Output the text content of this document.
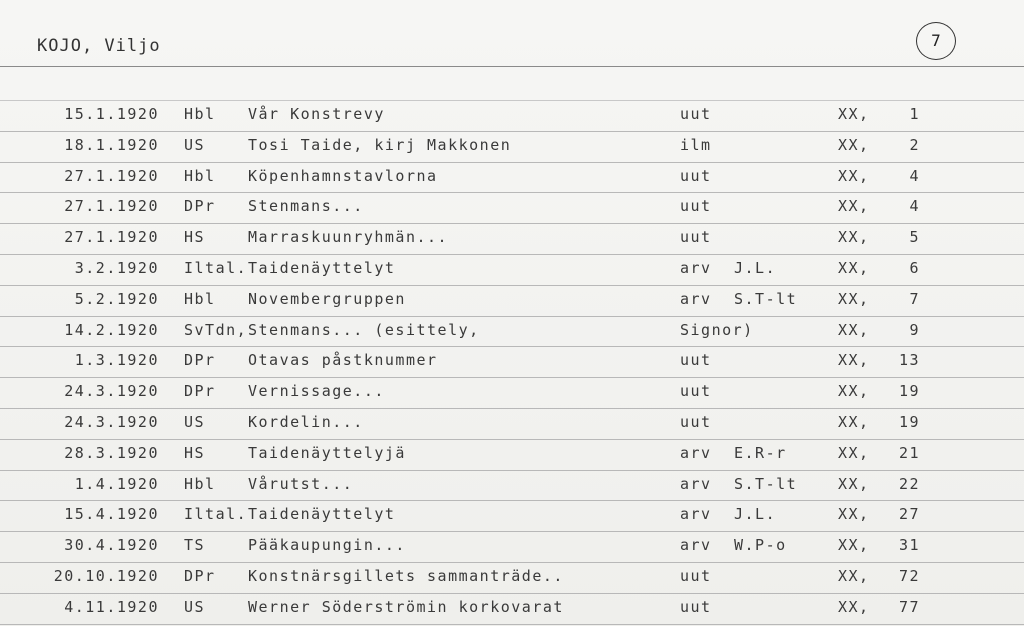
KOJO, Viljo	7
15.1.1920 Hbl Vår Konstrevy	uut	XX,	1
18.1.1920 US	Tosi Taide, kirj Makkonen	ilm	XX,	2
27.1.1920 Hbl Köpenhamnstavlorna	uut	XX,	4
27.1.1920 DPr Stenmans...	uut	XX,	4
27.1.1920 HS	Marraskuunryhmän...	uut	XX,	5
3.2.1920 Iltal. Taidenäyttelyt	arv J.L.	XX,	6
5.2.1920 Hbl Novembergruppen	arv S.T-lt	XX,	7
14.2.1920 SvTdn, Stenmans... (esittely,	Signor)	XX,	9
1.3.1920 DPr Otavas påstknummer	uut	XX, 13
24.3.1920 DPr Vernissage...	uut	XX, 19
24.3.1920 US	Kordelin...	uut	XX, 19
28.3.1920 HS	Taidenäyttelyjä	arv E.R-r	XX, 21
1.4.1920 Hbl Vårutst...	arv S.T-lt	XX, 22
15.4.1920 Iltal. Taidenäyttelyt	arv J.L.	XX, 27
30.4.1920 TS	Pääkaupungin...	arv W.P-o	XX, 31
20.10.1920 DPr Konstnärsgillets sammanträde..	uut	XX, 72
4.11.1920 US	Werner Söderströmin korkovarat	uut	XX, 77
